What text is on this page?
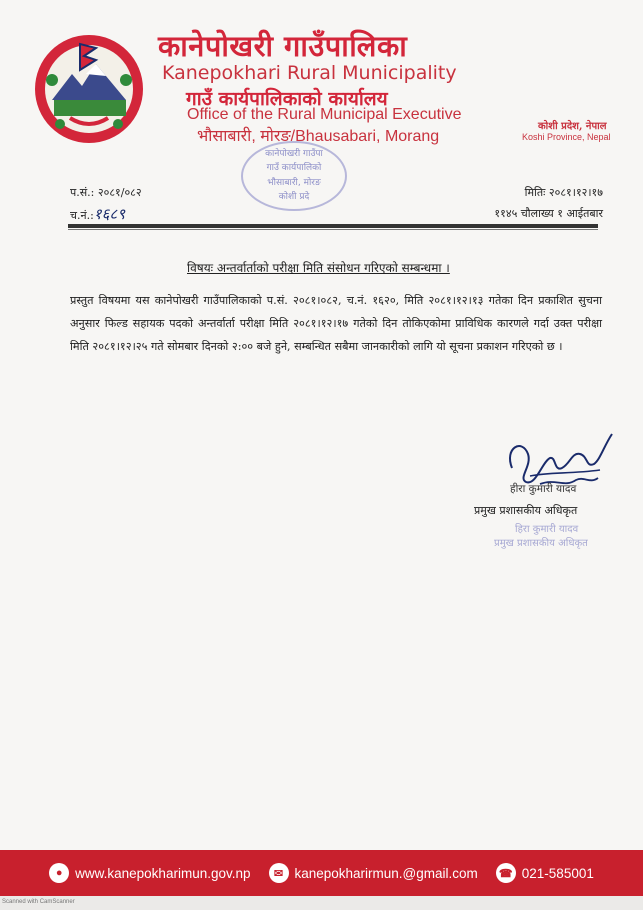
कानेपोखरी गाउँपालिका
Kanepokhari Rural Municipality
गाउँ कार्यपालिकाको कार्यालय
Office of the Rural Municipal Executive
भौसाबारी, मोरङ/Bhausabari, Morang
कोशी प्रदेश, नेपाल
Koshi Province, Nepal
कानेपोखरी गाउँपा
गाउँ कार्यपालिको
भौसाबारी, मोरङ
कोशी प्रदे
प.सं.: २०८१/०८२
च.नं.:१६८९
मितिः २०८१।१२।१७
११४५ चौलाख्य १ आईतबार
विषयः अन्तर्वार्ताको परीक्षा मिति संसोधन गरिएको सम्बन्धमा ।
प्रस्तुत विषयमा यस कानेपोखरी गाउँपालिकाको प.सं. २०८१।०८२, च.नं. १६२०, मिति २०८१।१२।१३ गतेका दिन प्रकाशित सुचना अनुसार फिल्ड सहायक पदको अन्तर्वार्ता परीक्षा मिति २०८१।१२।१७ गतेको दिन तोकिएकोमा प्राविधिक कारणले गर्दा उक्त परीक्षा मिति २०८१।१२।२५ गते सोमबार दिनको २:०० बजे हुने, सम्बन्धित सबैमा जानकारीको लागि यो सूचना प्रकाशन गरिएको छ ।
हीरा कुमारी यादव
प्रमुख प्रशासकीय अधिकृत
हिरा कुमारी यादव
प्रमुख प्रशासकीय अधिकृत
● www.kanepokharimun.gov.np	✉ kanepokharirmun.@gmail.com ☎ 021-585001
Scanned with CamScanner
